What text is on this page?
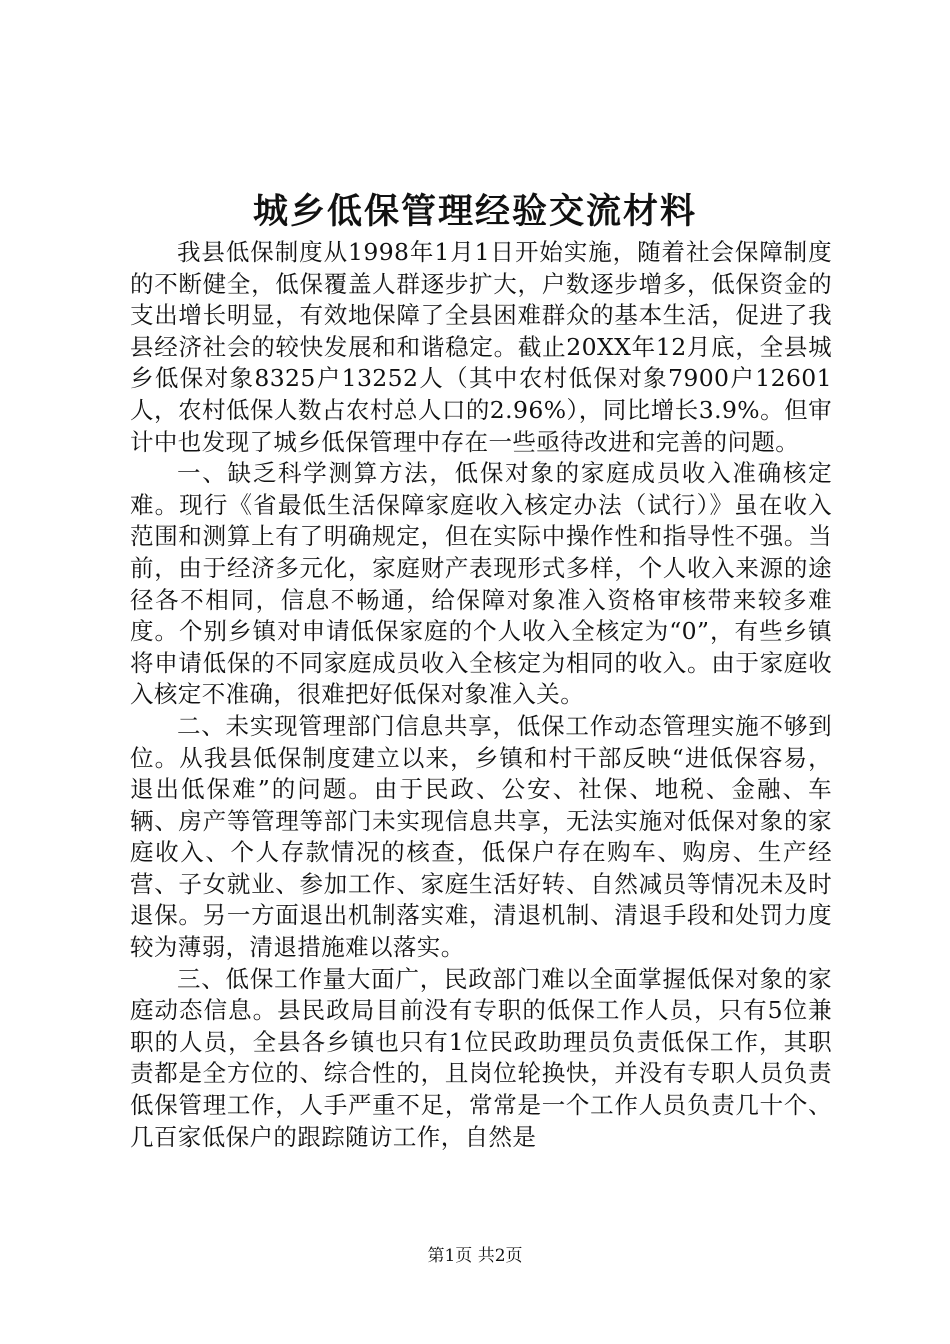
城乡低保管理经验交流材料

我县低保制度从1998年1月1日开始实施，随着社会保障制度的不断健全，低保覆盖人群逐步扩大，户数逐步增多，低保资金的支出增长明显，有效地保障了全县困难群众的基本生活，促进了我县经济社会的较快发展和和谐稳定。截止20XX年12月底，全县城乡低保对象8325户13252人（其中农村低保对象7900户12601人，农村低保人数占农村总人口的2.96%），同比增长3.9%。但审计中也发现了城乡低保管理中存在一些亟待改进和完善的问题。

一、缺乏科学测算方法，低保对象的家庭成员收入准确核定难。现行《省最低生活保障家庭收入核定办法（试行）》虽在收入范围和测算上有了明确规定，但在实际中操作性和指导性不强。当前，由于经济多元化，家庭财产表现形式多样，个人收入来源的途径各不相同，信息不畅通，给保障对象准入资格审核带来较多难度。个别乡镇对申请低保家庭的个人收入全核定为“0”，有些乡镇将申请低保的不同家庭成员收入全核定为相同的收入。由于家庭收入核定不准确，很难把好低保对象准入关。

二、未实现管理部门信息共享，低保工作动态管理实施不够到位。从我县低保制度建立以来，乡镇和村干部反映“进低保容易，退出低保难”的问题。由于民政、公安、社保、地税、金融、车辆、房产等管理等部门未实现信息共享，无法实施对低保对象的家庭收入、个人存款情况的核查，低保户存在购车、购房、生产经营、子女就业、参加工作、家庭生活好转、自然减员等情况未及时退保。另一方面退出机制落实难，清退机制、清退手段和处罚力度较为薄弱，清退措施难以落实。

三、低保工作量大面广，民政部门难以全面掌握低保对象的家庭动态信息。县民政局目前没有专职的低保工作人员，只有5位兼职的人员，全县各乡镇也只有1位民政助理员负责低保工作，其职责都是全方位的、综合性的，且岗位轮换快，并没有专职人员负责低保管理工作，人手严重不足，常常是一个工作人员负责几十个、几百家低保户的跟踪随访工作，自然是

第1页 共2页
